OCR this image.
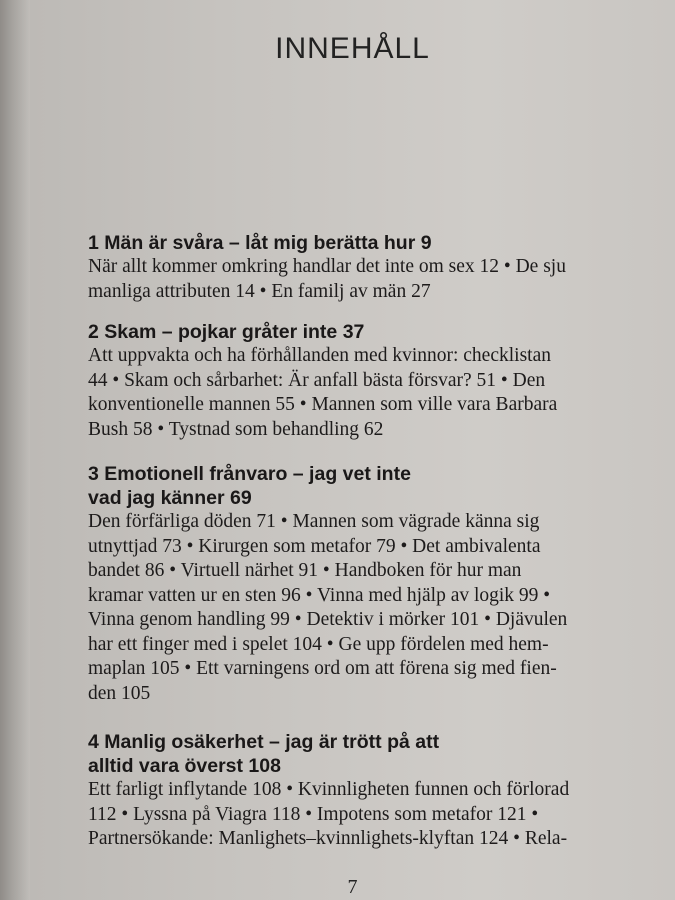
INNEHÅLL
1 Män är svåra – låt mig berätta hur 9
När allt kommer omkring handlar det inte om sex 12 • De sju
manliga attributen 14 • En familj av män 27
2 Skam – pojkar gråter inte 37
Att uppvakta och ha förhållanden med kvinnor: checklistan
44 • Skam och sårbarhet: Är anfall bästa försvar? 51 • Den
konventionelle mannen 55 • Mannen som ville vara Barbara
Bush 58 • Tystnad som behandling 62
3 Emotionell frånvaro – jag vet inte
vad jag känner 69
Den förfärliga döden 71 • Mannen som vägrade känna sig
utnyttjad 73 • Kirurgen som metafor 79 • Det ambivalenta
bandet 86 • Virtuell närhet 91 • Handboken för hur man
kramar vatten ur en sten 96 • Vinna med hjälp av logik 99 •
Vinna genom handling 99 • Detektiv i mörker 101 • Djävulen
har ett finger med i spelet 104 • Ge upp fördelen med hem-
maplan 105 • Ett varningens ord om att förena sig med fien-
den 105
4 Manlig osäkerhet – jag är trött på att
alltid vara överst 108
Ett farligt inflytande 108 • Kvinnligheten funnen och förlorad
112 • Lyssna på Viagra 118 • Impotens som metafor 121 •
Partnersökande: Manlighets–kvinnlighets-klyftan 124 • Rela-
7
